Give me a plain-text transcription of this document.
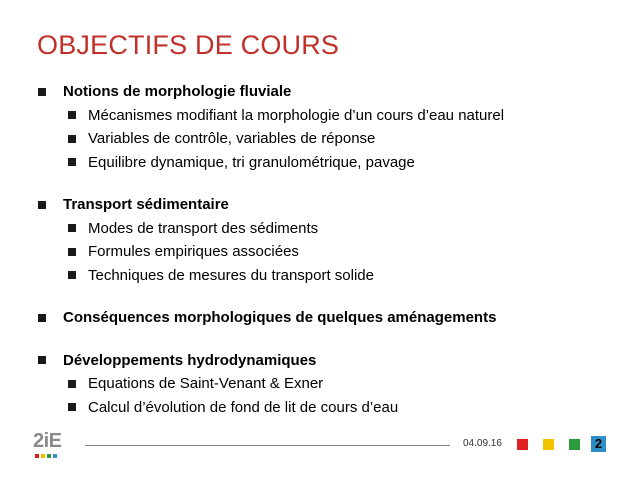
OBJECTIFS DE COURS
Notions de morphologie fluviale
Mécanismes modifiant la morphologie d’un cours d’eau naturel
Variables de contrôle, variables de réponse
Equilibre dynamique, tri granulométrique, pavage
Transport sédimentaire
Modes de transport des sédiments
Formules empiriques associées
Techniques de mesures du transport solide
Conséquences morphologiques de quelques aménagements
Développements hydrodynamiques
Equations de Saint-Venant & Exner
Calcul d’évolution de fond de lit de cours d’eau
2iE	04.09.16	2
